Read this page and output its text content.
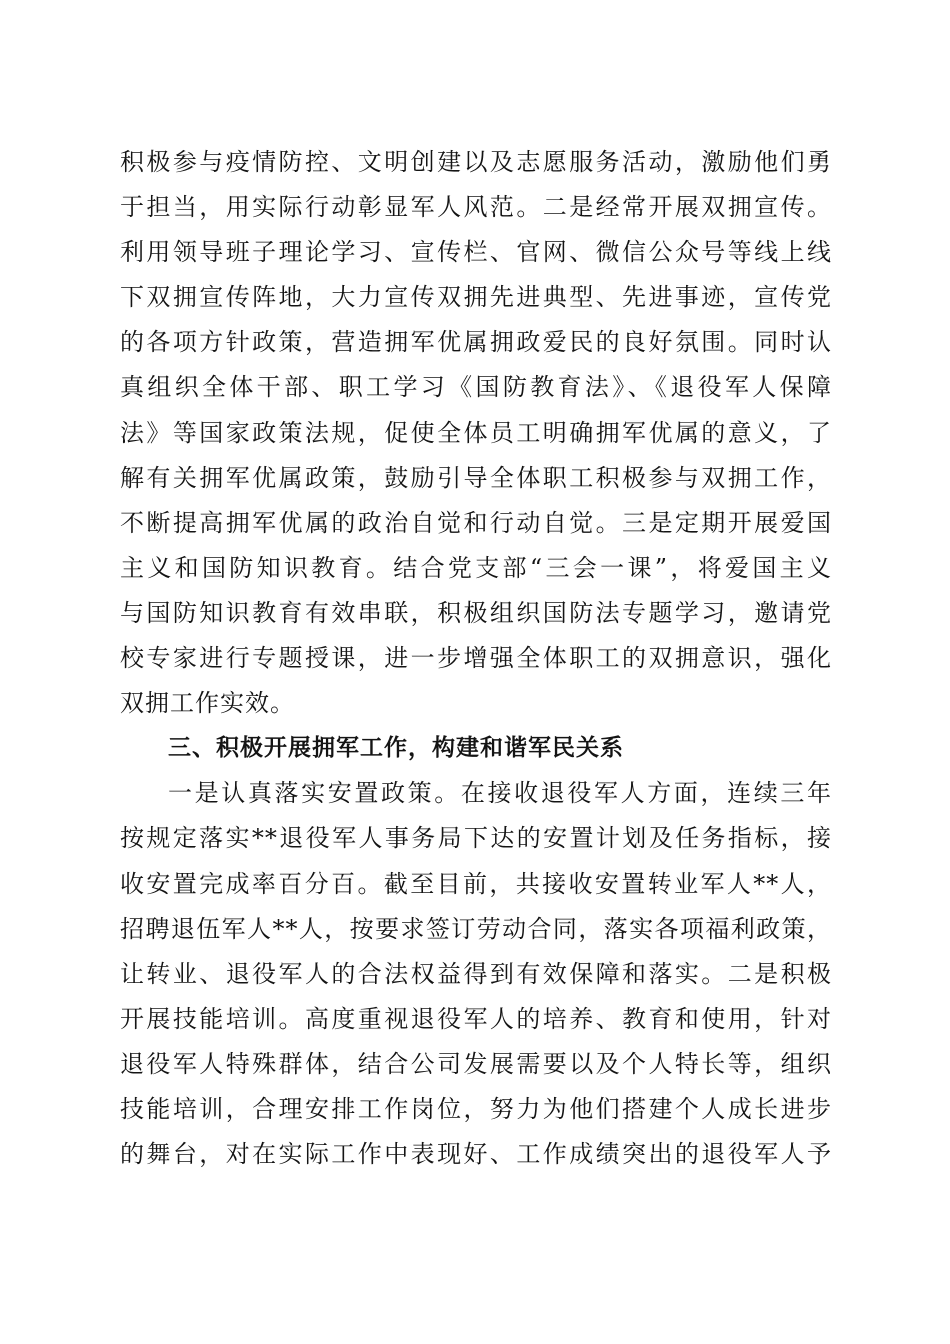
积极参与疫情防控、文明创建以及志愿服务活动，激励他们勇
于担当，用实际行动彰显军人风范。二是经常开展双拥宣传。
利用领导班子理论学习、宣传栏、官网、微信公众号等线上线
下双拥宣传阵地，大力宣传双拥先进典型、先进事迹，宣传党
的各项方针政策，营造拥军优属拥政爱民的良好氛围。同时认
真组织全体干部、职工学习《国防教育法》、《退役军人保障
法》等国家政策法规，促使全体员工明确拥军优属的意义，了
解有关拥军优属政策，鼓励引导全体职工积极参与双拥工作，
不断提高拥军优属的政治自觉和行动自觉。三是定期开展爱国
主义和国防知识教育。结合党支部“三会一课”，将爱国主义
与国防知识教育有效串联，积极组织国防法专题学习，邀请党
校专家进行专题授课，进一步增强全体职工的双拥意识，强化
双拥工作实效。
三、积极开展拥军工作，构建和谐军民关系
一是认真落实安置政策。在接收退役军人方面，连续三年
按规定落实**退役军人事务局下达的安置计划及任务指标，接
收安置完成率百分百。截至目前，共接收安置转业军人**人，
招聘退伍军人**人，按要求签订劳动合同，落实各项福利政策，
让转业、退役军人的合法权益得到有效保障和落实。二是积极
开展技能培训。高度重视退役军人的培养、教育和使用，针对
退役军人特殊群体，结合公司发展需要以及个人特长等，组织
技能培训，合理安排工作岗位，努力为他们搭建个人成长进步
的舞台，对在实际工作中表现好、工作成绩突出的退役军人予
